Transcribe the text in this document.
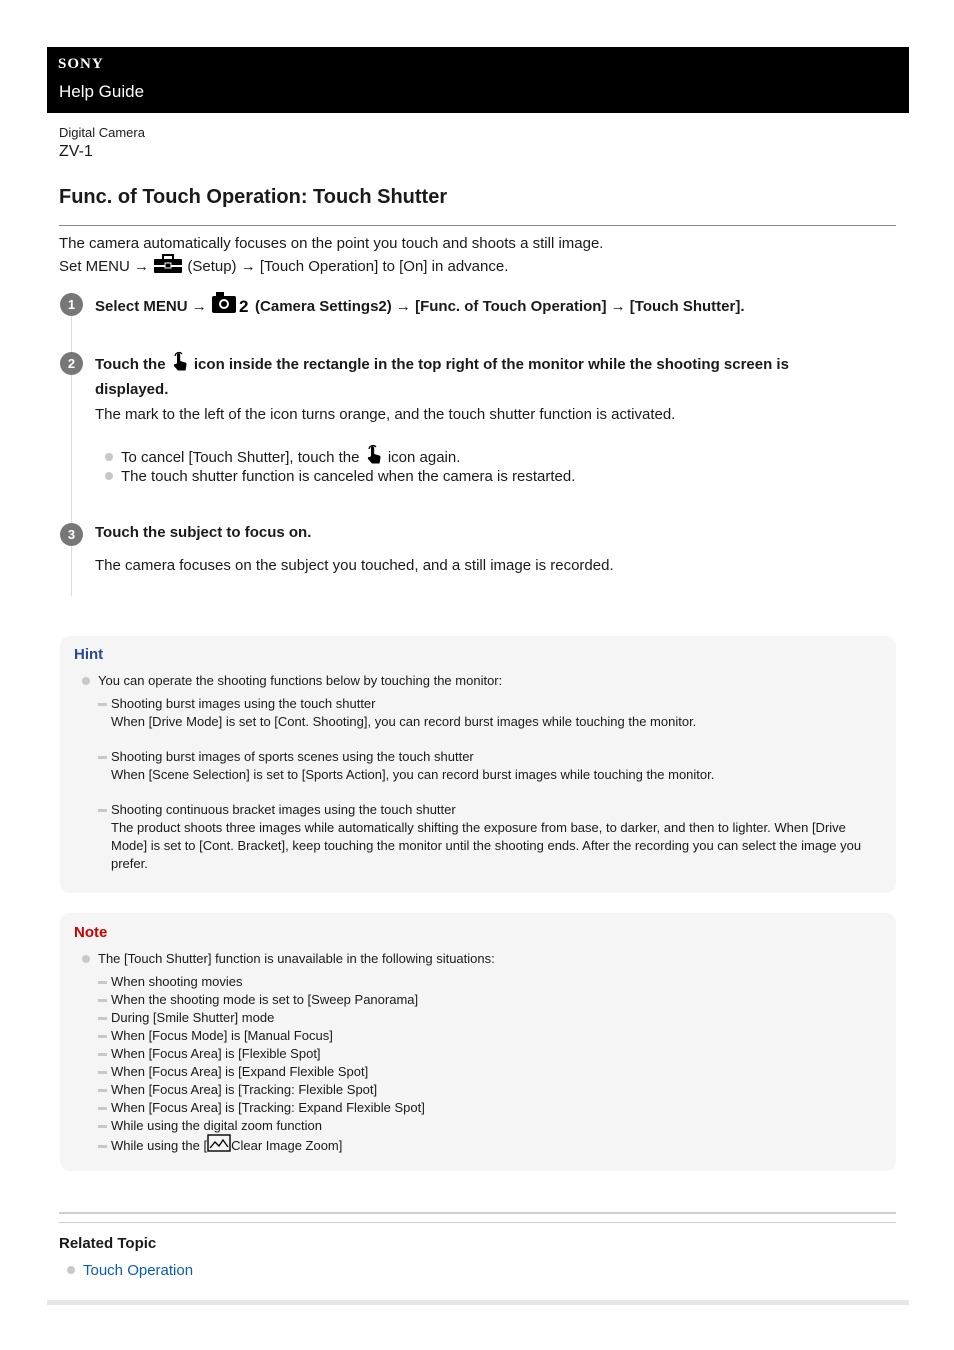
SONY
Help Guide
Digital Camera
ZV-1
Func. of Touch Operation: Touch Shutter
The camera automatically focuses on the point you touch and shoots a still image.
Set MENU →	(Setup) → [Touch Operation] to [On] in advance.
1	Select MENU → 2 (Camera Settings2) → [Func. of Touch Operation] → [Touch Shutter].
2	Touch the icon inside the rectangle in the top right of the monitor while the shooting screen is displayed.
The mark to the left of the icon turns orange, and the touch shutter function is activated.
To cancel [Touch Shutter], touch the icon again.
The touch shutter function is canceled when the camera is restarted.
3	Touch the subject to focus on.
The camera focuses on the subject you touched, and a still image is recorded.
Hint
You can operate the shooting functions below by touching the monitor:
Shooting burst images using the touch shutter
When [Drive Mode] is set to [Cont. Shooting], you can record burst images while touching the monitor.
Shooting burst images of sports scenes using the touch shutter
When [Scene Selection] is set to [Sports Action], you can record burst images while touching the monitor.
Shooting continuous bracket images using the touch shutter
The product shoots three images while automatically shifting the exposure from base, to darker, and then to lighter. When [Drive Mode] is set to [Cont. Bracket], keep touching the monitor until the shooting ends. After the recording you can select the image you prefer.
Note
The [Touch Shutter] function is unavailable in the following situations:
When shooting movies
When the shooting mode is set to [Sweep Panorama]
During [Smile Shutter] mode
When [Focus Mode] is [Manual Focus]
When [Focus Area] is [Flexible Spot]
When [Focus Area] is [Expand Flexible Spot]
When [Focus Area] is [Tracking: Flexible Spot]
When [Focus Area] is [Tracking: Expand Flexible Spot]
While using the digital zoom function
While using the [ Clear Image Zoom]
Related Topic
Touch Operation
